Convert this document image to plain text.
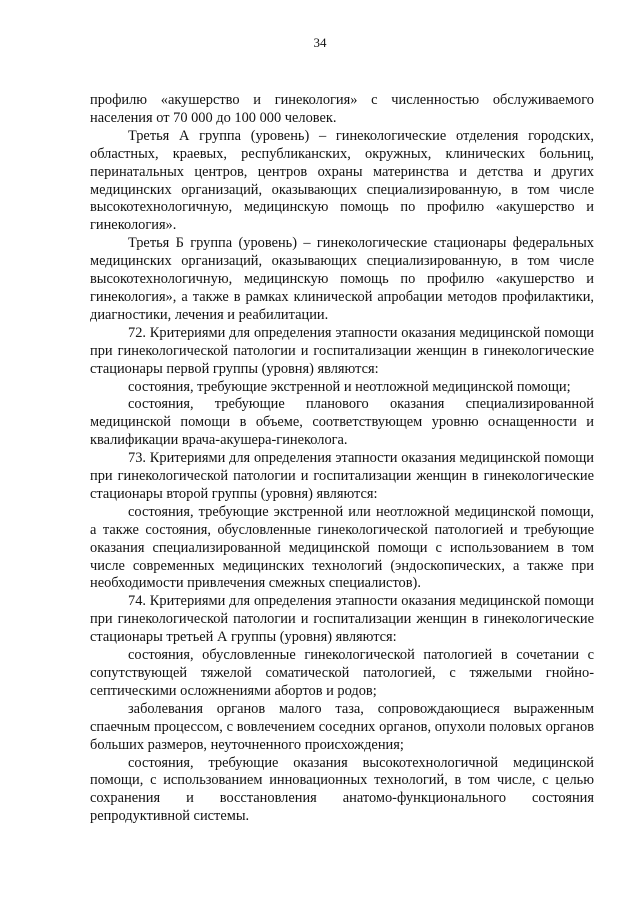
34

профилю «акушерство и гинекология» с численностью обслуживаемого населения от 70 000 до 100 000 человек.

Третья А группа (уровень) – гинекологические отделения городских, областных, краевых, республиканских, окружных, клинических больниц, перинатальных центров, центров охраны материнства и детства и других медицинских организаций, оказывающих специализированную, в том числе высокотехнологичную, медицинскую помощь по профилю «акушерство и гинекология».

Третья Б группа (уровень) – гинекологические стационары федеральных медицинских организаций, оказывающих специализированную, в том числе высокотехнологичную, медицинскую помощь по профилю «акушерство и гинекология», а также в рамках клинической апробации методов профилактики, диагностики, лечения и реабилитации.

72. Критериями для определения этапности оказания медицинской помощи при гинекологической патологии и госпитализации женщин в гинекологические стационары первой группы (уровня) являются:

состояния, требующие экстренной и неотложной медицинской помощи;

состояния, требующие планового оказания специализированной медицинской помощи в объеме, соответствующем уровню оснащенности и квалификации врача-акушера-гинеколога.

73. Критериями для определения этапности оказания медицинской помощи при гинекологической патологии и госпитализации женщин в гинекологические стационары второй группы (уровня) являются:

состояния, требующие экстренной или неотложной медицинской помощи, а также состояния, обусловленные гинекологической патологией и требующие оказания специализированной медицинской помощи с использованием в том числе современных медицинских технологий (эндоскопических, а также при необходимости привлечения смежных специалистов).

74. Критериями для определения этапности оказания медицинской помощи при гинекологической патологии и госпитализации женщин в гинекологические стационары третьей А группы (уровня) являются:

состояния, обусловленные гинекологической патологией в сочетании с сопутствующей тяжелой соматической патологией, с тяжелыми гнойно-септическими осложнениями абортов и родов;

заболевания органов малого таза, сопровождающиеся выраженным спаечным процессом, с вовлечением соседних органов, опухоли половых органов больших размеров, неуточненного происхождения;

состояния, требующие оказания высокотехнологичной медицинской помощи, с использованием инновационных технологий, в том числе, с целью сохранения и восстановления анатомо-функционального состояния репродуктивной системы.
